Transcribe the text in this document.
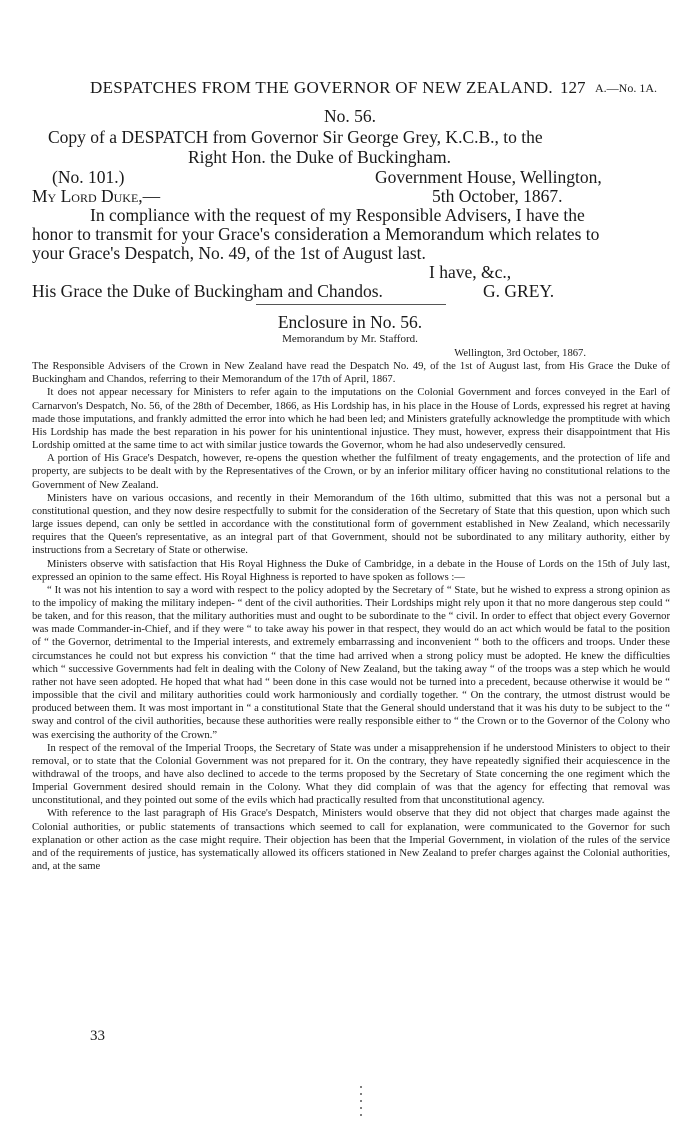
DESPATCHES FROM THE GOVERNOR OF NEW ZEALAND. 127 A.—No. 1A.
No. 56.
Copy of a DESPATCH from Governor Sir George Grey, K.C.B., to the
Right Hon. the Duke of Buckingham.
(No. 101.)	Government House, Wellington,
My Lord Duke,—	5th October, 1867.
In compliance with the request of my Responsible Advisers, I have the
honor to transmit for your Grace's consideration a Memorandum which relates to
your Grace's Despatch, No. 49, of the 1st of August last.
I have, &c.,
His Grace the Duke of Buckingham and Chandos.	G. GREY.
Enclosure in No. 56.
Memorandum by Mr. Stafford.

Wellington, 3rd October, 1867.

The Responsible Advisers of the Crown in New Zealand have read the Despatch No. 49, of the 1st of August last, from His Grace the Duke of Buckingham and Chandos, referring to their Memorandum of the 17th of April, 1867.

It does not appear necessary for Ministers to refer again to the imputations on the Colonial Government and forces conveyed in the Earl of Carnarvon's Despatch, No. 56, of the 28th of December, 1866, as His Lordship has, in his place in the House of Lords, expressed his regret at having made those imputations, and frankly admitted the error into which he had been led; and Ministers gratefully acknowledge the promptitude with which His Lordship has made the best reparation in his power for his unintentional injustice. They must, however, express their disappointment that His Lordship omitted at the same time to act with similar justice towards the Governor, whom he had also undeservedly censured.

A portion of His Grace's Despatch, however, re-opens the question whether the fulfilment of treaty engagements, and the protection of life and property, are subjects to be dealt with by the Representatives of the Crown, or by an inferior military officer having no constitutional relations to the Government of New Zealand.

Ministers have on various occasions, and recently in their Memorandum of the 16th ultimo, submitted that this was not a personal but a constitutional question, and they now desire respectfully to submit for the consideration of the Secretary of State that this question, upon which such large issues depend, can only be settled in accordance with the constitutional form of government established in New Zealand, which necessarily requires that the Queen's representative, as an integral part of that Government, should not be subordinated to any military authority, either by instructions from a Secretary of State or otherwise.

Ministers observe with satisfaction that His Royal Highness the Duke of Cambridge, in a debate in the House of Lords on the 15th of July last, expressed an opinion to the same effect. His Royal Highness is reported to have spoken as follows :—

“ It was not his intention to say a word with respect to the policy adopted by the Secretary of “ State, but he wished to express a strong opinion as to the impolicy of making the military indepen- “ dent of the civil authorities. Their Lordships might rely upon it that no more dangerous step could “ be taken, and for this reason, that the military authorities must and ought to be subordinate to the “ civil. In order to effect that object every Governor was made Commander-in-Chief, and if they were “ to take away his power in that respect, they would do an act which would be fatal to the position of “ the Governor, detrimental to the Imperial interests, and extremely embarrassing and inconvenient “ both to the officers and troops. Under these circumstances he could not but express his conviction “ that the time had arrived when a strong policy must be adopted. He knew the difficulties which “ successive Governments had felt in dealing with the Colony of New Zealand, but the taking away “ of the troops was a step which he would rather not have seen adopted. He hoped that what had “ been done in this case would not be turned into a precedent, because otherwise it would be “ impossible that the civil and military authorities could work harmoniously and cordially together. “ On the contrary, the utmost distrust would be produced between them. It was most important in “ a constitutional State that the General should understand that it was his duty to be subject to the “ sway and control of the civil authorities, because these authorities were really responsible either to “ the Crown or to the Governor of the Colony who was exercising the authority of the Crown.”

In respect of the removal of the Imperial Troops, the Secretary of State was under a misapprehension if he understood Ministers to object to their removal, or to state that the Colonial Government was not prepared for it. On the contrary, they have repeatedly signified their acquiescence in the withdrawal of the troops, and have also declined to accede to the terms proposed by the Secretary of State concerning the one regiment which the Imperial Government desired should remain in the Colony. What they did complain of was that the agency for effecting that removal was unconstitutional, and they pointed out some of the evils which had practically resulted from that unconstitutional agency.

With reference to the last paragraph of His Grace's Despatch, Ministers would observe that they did not object that charges made against the Colonial authorities, or public statements of transactions which seemed to call for explanation, were communicated to the Governor for such explanation or other action as the case might require. Their objection has been that the Imperial Government, in violation of the rules of the service and of the requirements of justice, has systematically allowed its officers stationed in New Zealand to prefer charges against the Colonial authorities, and, at the same

33
